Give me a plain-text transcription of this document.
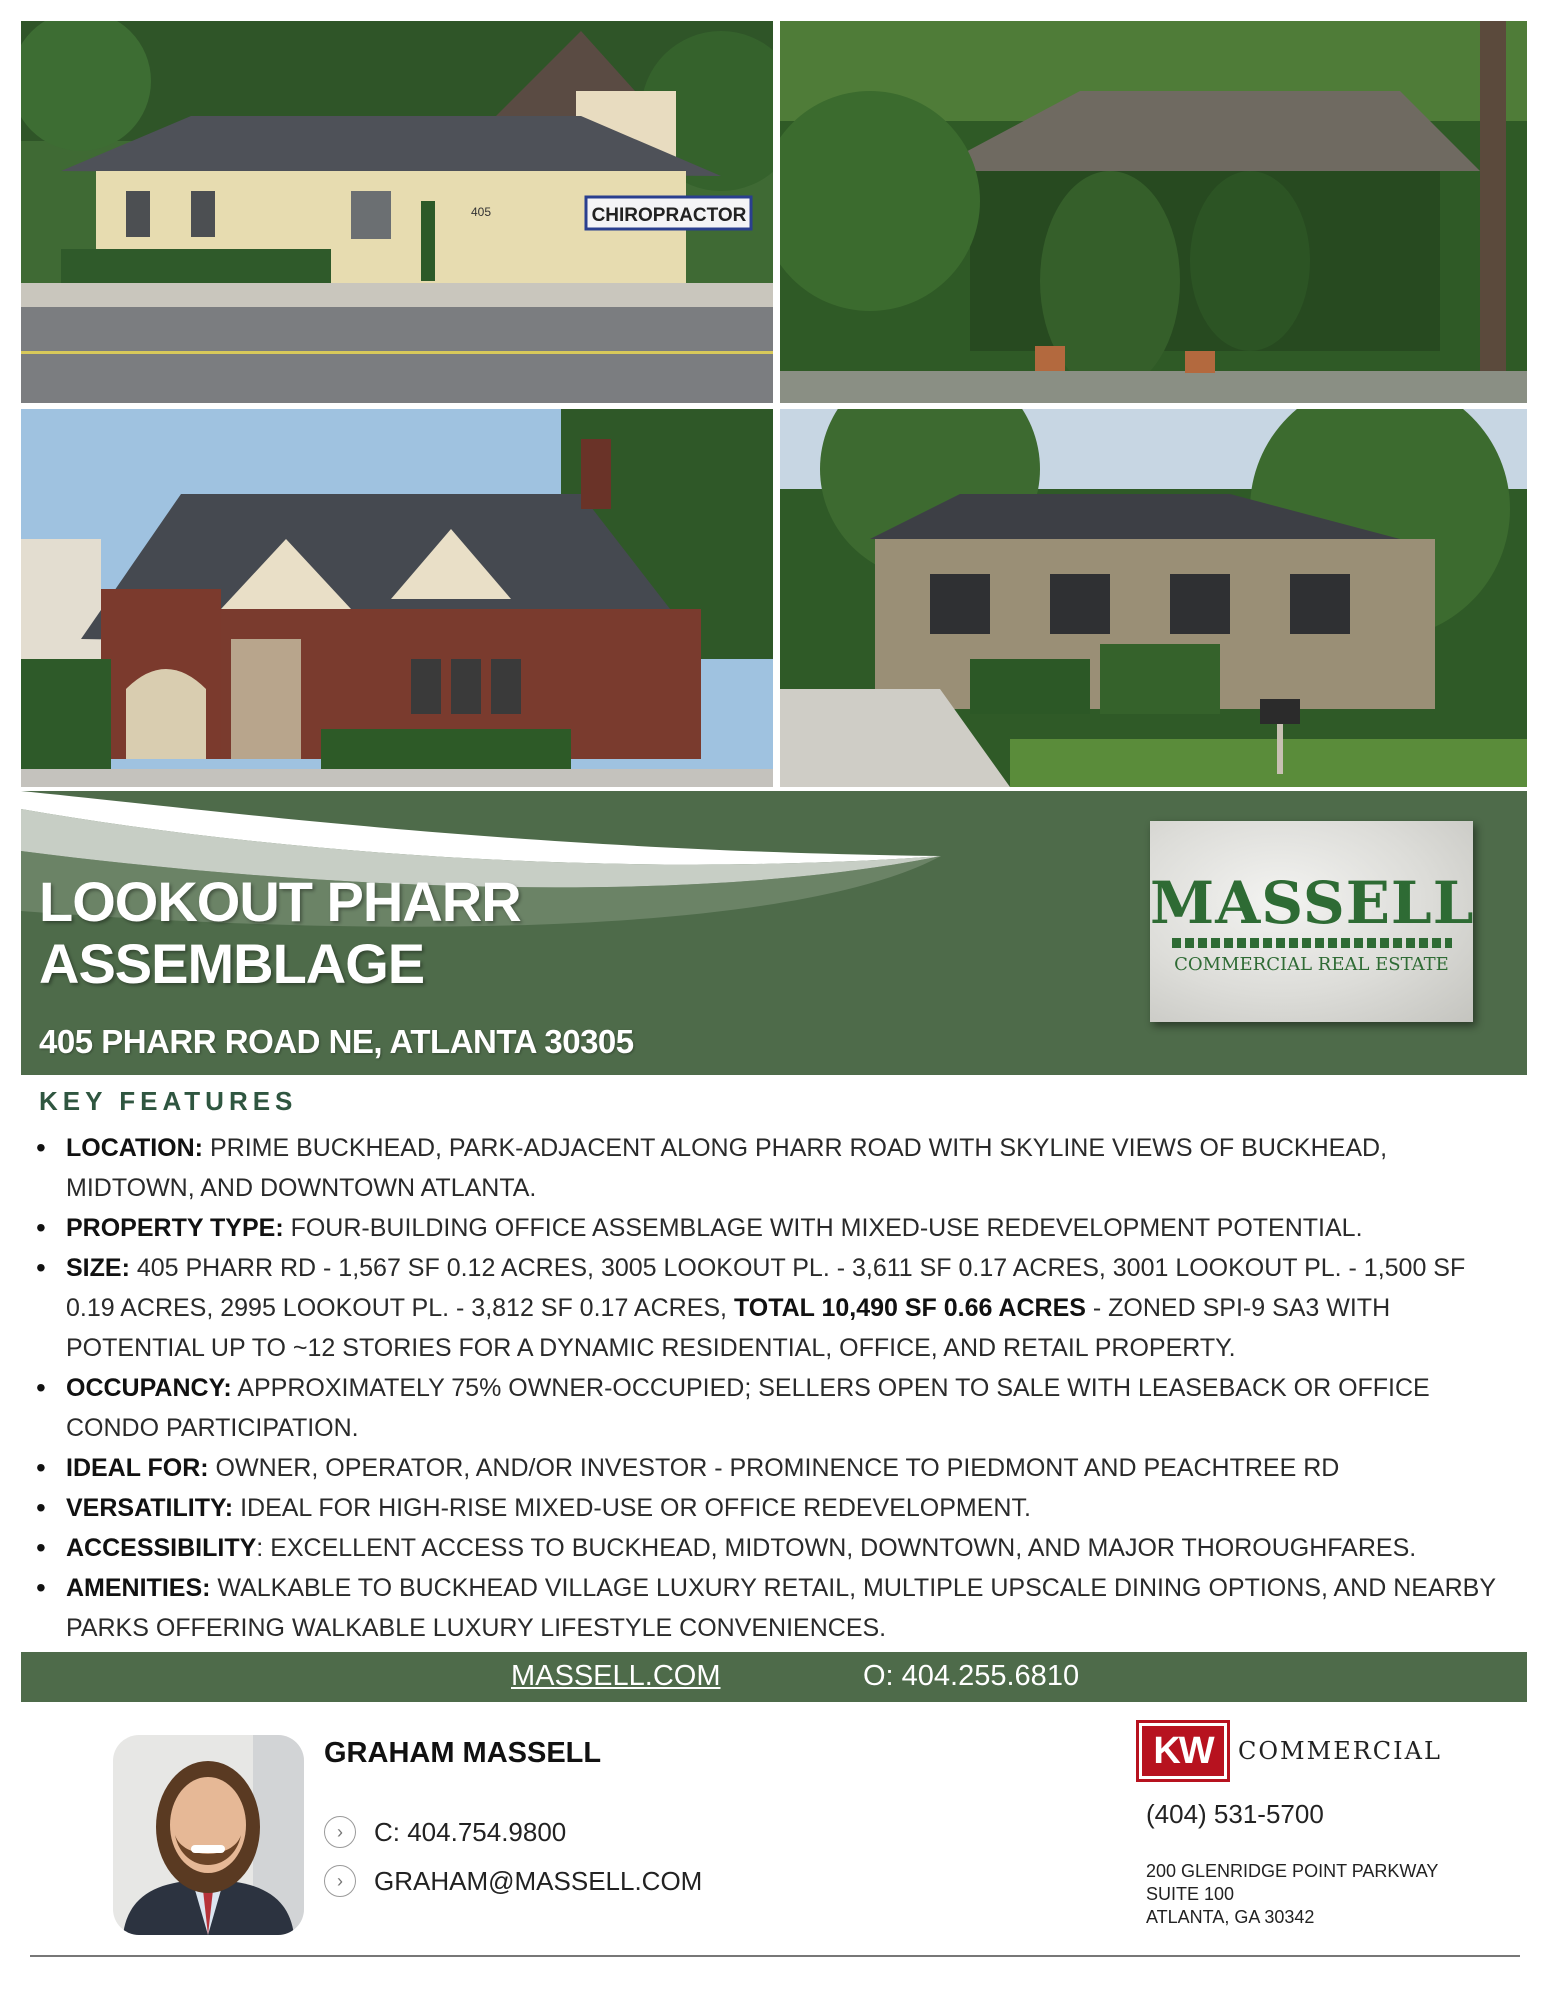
CHIROPRACTOR
405
LOOKOUT PHARR
ASSEMBLAGE
405 PHARR ROAD NE, ATLANTA 30305
MASSELL
COMMERCIAL REAL ESTATE
KEY FEATURES
• LOCATION: PRIME BUCKHEAD, PARK-ADJACENT ALONG PHARR ROAD WITH SKYLINE VIEWS OF BUCKHEAD, MIDTOWN, AND DOWNTOWN ATLANTA.
• PROPERTY TYPE: FOUR-BUILDING OFFICE ASSEMBLAGE WITH MIXED-USE REDEVELOPMENT POTENTIAL.
• SIZE: 405 PHARR RD - 1,567 SF 0.12 ACRES, 3005 LOOKOUT PL. - 3,611 SF 0.17 ACRES, 3001 LOOKOUT PL. - 1,500 SF 0.19 ACRES, 2995 LOOKOUT PL. - 3,812 SF 0.17 ACRES, TOTAL 10,490 SF 0.66 ACRES - ZONED SPI-9 SA3 WITH POTENTIAL UP TO ~12 STORIES FOR A DYNAMIC RESIDENTIAL, OFFICE, AND RETAIL PROPERTY.
• OCCUPANCY: APPROXIMATELY 75% OWNER-OCCUPIED; SELLERS OPEN TO SALE WITH LEASEBACK OR OFFICE CONDO PARTICIPATION.
• IDEAL FOR: OWNER, OPERATOR, AND/OR INVESTOR - PROMINENCE TO PIEDMONT AND PEACHTREE RD
• VERSATILITY: IDEAL FOR HIGH-RISE MIXED-USE OR OFFICE REDEVELOPMENT.
• ACCESSIBILITY: EXCELLENT ACCESS TO BUCKHEAD, MIDTOWN, DOWNTOWN, AND MAJOR THOROUGHFARES.
• AMENITIES: WALKABLE TO BUCKHEAD VILLAGE LUXURY RETAIL, MULTIPLE UPSCALE DINING OPTIONS, AND NEARBY PARKS OFFERING WALKABLE LUXURY LIFESTYLE CONVENIENCES.
MASSELL.COM	O: 404.255.6810
GRAHAM MASSELL
›	C: 404.754.9800
›	GRAHAM@MASSELL.COM
KW	COMMERCIAL
(404) 531-5700
200 GLENRIDGE POINT PARKWAY
SUITE 100
ATLANTA, GA 30342
